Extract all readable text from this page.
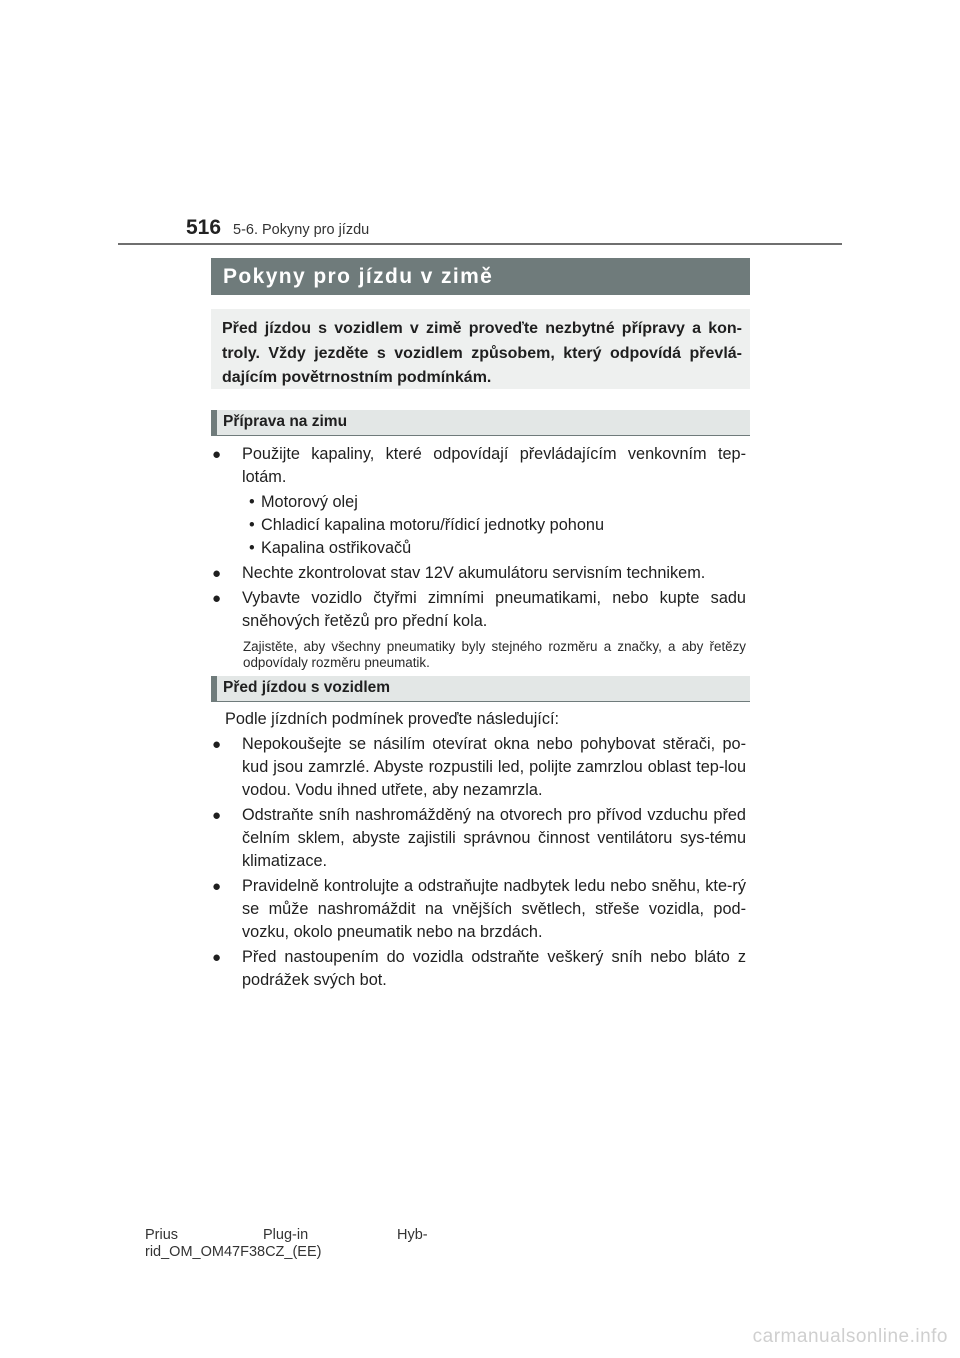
516 5-6. Pokyny pro jízdu
Pokyny pro jízdu v zimě
Před jízdou s vozidlem v zimě proveďte nezbytné přípravy a kon-troly. Vždy jezděte s vozidlem způsobem, který odpovídá převlá-dajícím povětrnostním podmínkám.
Příprava na zimu
●	Použijte kapaliny, které odpovídají převládajícím venkovním tep-lotám.
• Motorový olej
• Chladicí kapalina motoru/řídicí jednotky pohonu
• Kapalina ostřikovačů
●	Nechte zkontrolovat stav 12V akumulátoru servisním technikem.
●	Vybavte vozidlo čtyřmi zimními pneumatikami, nebo kupte sadu sněhových řetězů pro přední kola.
Zajistěte, aby všechny pneumatiky byly stejného rozměru a značky, a aby řetězy odpovídaly rozměru pneumatik.
Před jízdou s vozidlem
Podle jízdních podmínek proveďte následující:
●	Nepokoušejte se násilím otevírat okna nebo pohybovat stěrači, po-kud jsou zamrzlé. Abyste rozpustili led, polijte zamrzlou oblast tep-lou vodou. Vodu ihned utřete, aby nezamrzla.
●	Odstraňte sníh nashromážděný na otvorech pro přívod vzduchu před čelním sklem, abyste zajistili správnou činnost ventilátoru sys-tému klimatizace.
●	Pravidelně kontrolujte a odstraňujte nadbytek ledu nebo sněhu, kte-rý se může nashromáždit na vnějších světlech, střeše vozidla, pod-vozku, okolo pneumatik nebo na brzdách.
●	Před nastoupením do vozidla odstraňte veškerý sníh nebo bláto z podrážek svých bot.
Prius	Plug-in	Hyb-
rid_OM_OM47F38CZ_(EE)
carmanualsonline.info
